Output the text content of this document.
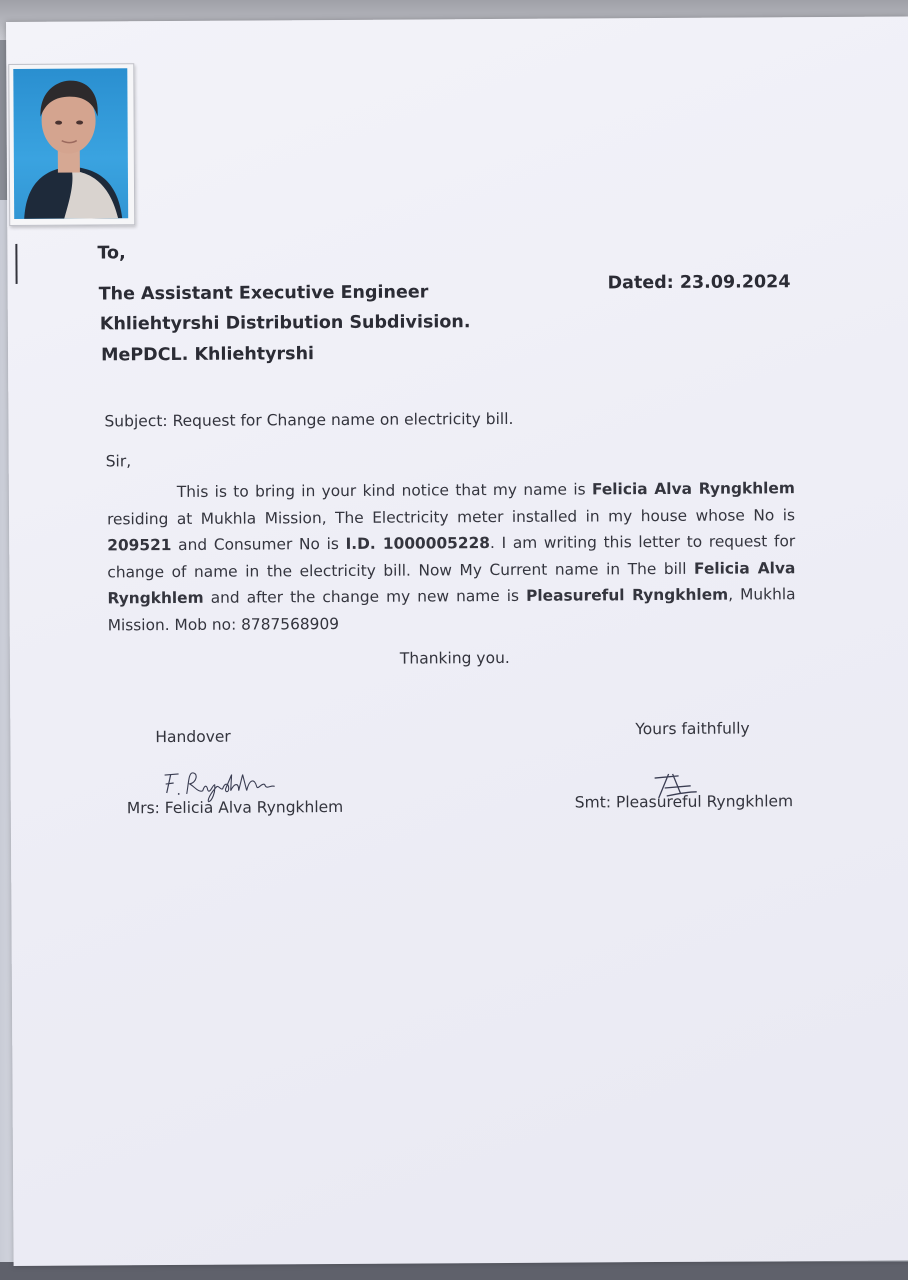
To,

The Assistant Executive Engineer

Khliehtyrshi Distribution Subdivision.

MePDCL. Khliehtyrshi

Dated: 23.09.2024

Subject: Request for Change name on electricity bill.

Sir,

This is to bring in your kind notice that my name is Felicia Alva Ryngkhlem residing at Mukhla Mission, The Electricity meter installed in my house whose No is 209521 and Consumer No is I.D. 1000005228. I am writing this letter to request for change of name in the electricity bill. Now My Current name in The bill Felicia Alva Ryngkhlem and after the change my new name is Pleasureful Ryngkhlem, Mukhla Mission. Mob no: 8787568909

Thanking you.

Handover	Yours faithfully

Mrs: Felicia Alva Ryngkhlem	Smt: Pleasureful Ryngkhlem
